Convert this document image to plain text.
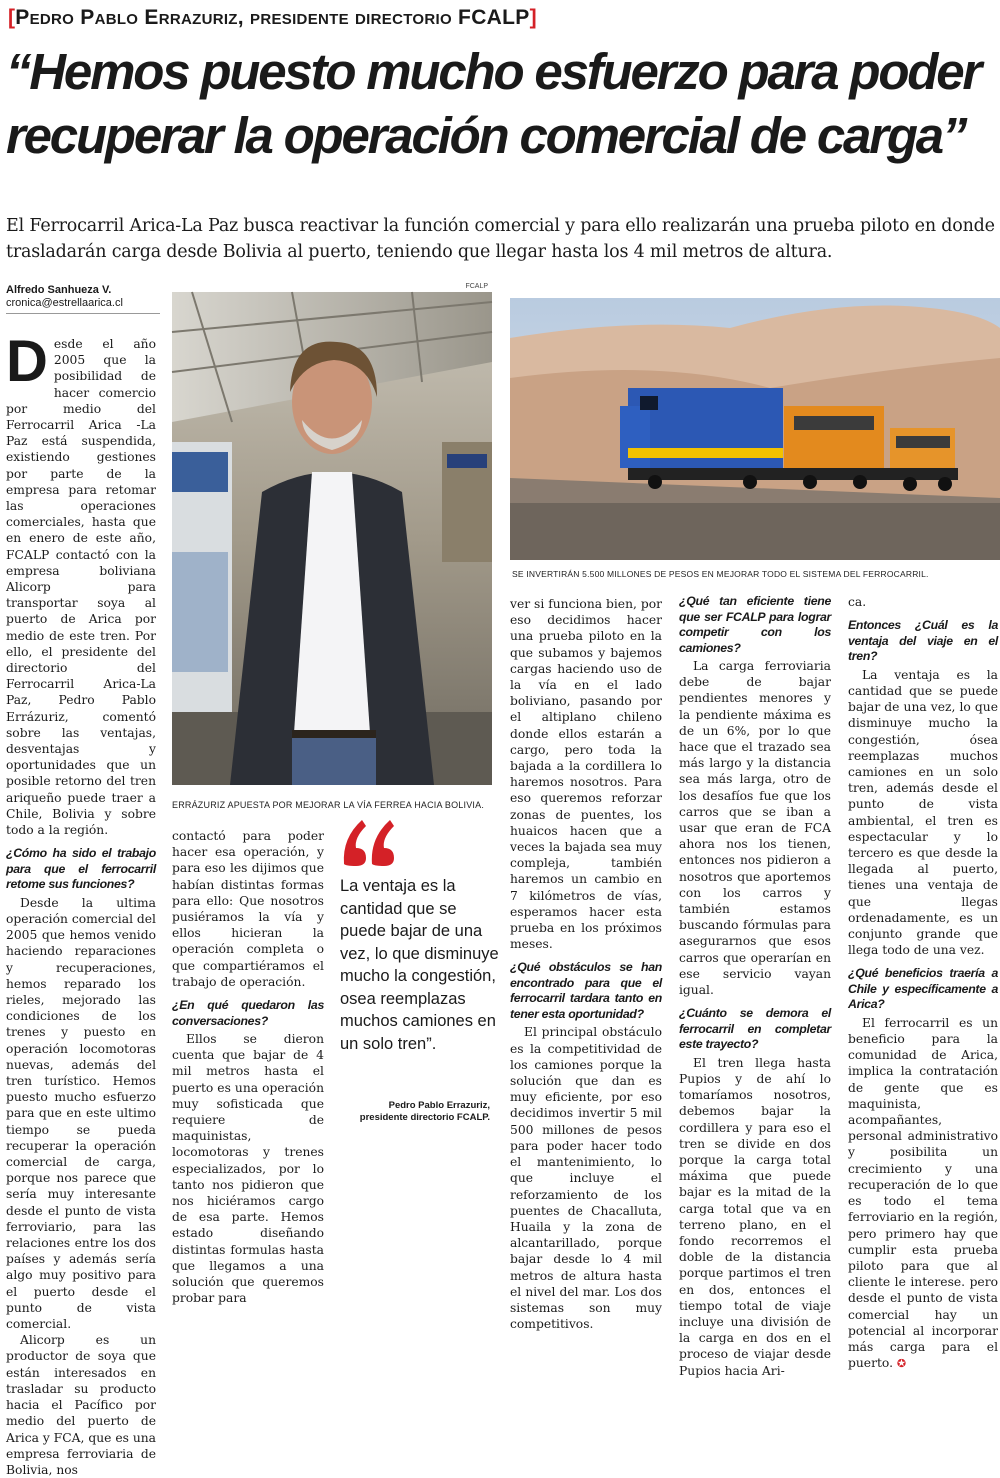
[Pedro Pablo Errazuriz, presidente directorio FCALP]
“Hemos puesto mucho esfuerzo para poder
recuperar la operación comercial de carga”

El Ferrocarril Arica-La Paz busca reactivar la función comercial y para ello realizarán una prueba piloto en donde trasladarán carga desde Bolivia al puerto, teniendo que llegar hasta los 4 mil metros de altura.

Alfredo Sanhueza V.
cronica@estrellaarica.cl

Desde el año 2005 que la posibilidad de hacer comercio por medio del Ferrocarril Arica -La Paz está suspendida, existiendo gestiones por parte de la empresa para retomar las operaciones comerciales, hasta que en enero de este año, FCALP contactó con la empresa boliviana Alicorp para transportar soya al puerto de Arica por medio de este tren. Por ello, el presidente del directorio del Ferrocarril Arica-La Paz, Pedro Pablo Errázuriz, comentó sobre las ventajas, desventajas y oportunidades que un posible retorno del tren ariqueño puede traer a Chile, Bolivia y sobre todo a la región.

¿Cómo ha sido el trabajo para que el ferrocarril retome sus funciones?

Desde la ultima operación comercial del 2005 que hemos venido haciendo reparaciones y recuperaciones, hemos reparado los rieles, mejorado las condiciones de los trenes y puesto en operación locomotoras nuevas, además del tren turístico. Hemos puesto mucho esfuerzo para que en este ultimo tiempo se pueda recuperar la operación comercial de carga, porque nos parece que sería muy interesante desde el punto de vista ferroviario, para las relaciones entre los dos países y además sería algo muy positivo para el puerto desde el punto de vista comercial.

Alicorp es un productor de soya que están interesados en trasladar su producto hacia el Pacífico por medio del puerto de Arica y FCA, que es una empresa ferroviaria de Bolivia, nos

FCALP
ERRÁZURIZ APUESTA POR MEJORAR LA VÍA FERREA HACIA BOLIVIA.
SE INVERTIRÁN 5.500 MILLONES DE PESOS EN MEJORAR TODO EL SISTEMA DEL FERROCARRIL.

contactó para poder hacer esa operación, y para eso les dijimos que habían distintas formas para ello: Que nosotros pusiéramos la vía y ellos hicieran la operación completa o que compartiéramos el trabajo de operación.

¿En qué quedaron las conversaciones?

Ellos se dieron cuenta que bajar de 4 mil metros hasta el puerto es una operación muy sofisticada que requiere de maquinistas, locomotoras y trenes especializados, por lo tanto nos pidieron que nos hiciéramos cargo de esa parte. Hemos estado diseñando distintas formulas hasta que llegamos a una solución que queremos probar para

La ventaja es la cantidad que se puede bajar de una vez, lo que disminuye mucho la congestión, osea reemplazas muchos camiones en un solo tren”.

Pedro Pablo Errazuriz,
presidente directorio FCALP.

ver si funciona bien, por eso decidimos hacer una prueba piloto en la que subamos y bajemos cargas haciendo uso de la vía en el lado boliviano, pasando por el altiplano chileno donde ellos estarán a cargo, pero toda la bajada a la cordillera lo haremos nosotros. Para eso queremos reforzar zonas de puentes, los huaicos hacen que a veces la bajada sea muy compleja, también haremos un cambio en 7 kilómetros de vías, esperamos hacer esta prueba en los próximos meses.

¿Qué obstáculos se han encontrado para que el ferrocarril tardara tanto en tener esta oportunidad?

El principal obstáculo es la competitividad de los camiones porque la solución que dan es muy eficiente, por eso decidimos invertir 5 mil 500 millones de pesos para poder hacer todo el mantenimiento, lo que incluye el reforzamiento de los puentes de Chacalluta, Huaila y la zona de alcantarillado, porque bajar desde lo 4 mil metros de altura hasta el nivel del mar. Los dos sistemas son muy competitivos.

¿Qué tan eficiente tiene que ser FCALP para lograr competir con los camiones?

La carga ferroviaria debe de bajar pendientes menores y la pendiente máxima es de un 6%, por lo que hace que el trazado sea más largo y la distancia sea más larga, otro de los desafíos fue que los carros que se iban a usar que eran de FCA ahora nos los tienen, entonces nos pidieron a nosotros que aportemos con los carros y también estamos buscando fórmulas para asegurarnos que esos carros que operarían en ese servicio vayan igual.

¿Cuánto se demora el ferrocarril en completar este trayecto?

El tren llega hasta Pupios y de ahí lo tomaríamos nosotros, debemos bajar la cordillera y para eso el tren se divide en dos porque la carga total máxima que puede bajar es la mitad de la carga total que va en terreno plano, en el fondo recorremos el doble de la distancia porque partimos el tren en dos, entonces el tiempo total de viaje incluye una división de la carga en dos en el proceso de viajar desde Pupios hacia Ari-

ca.

Entonces ¿Cuál es la ventaja del viaje en el tren?

La ventaja es la cantidad que se puede bajar de una vez, lo que disminuye mucho la congestión, ósea reemplazas muchos camiones en un solo tren, además desde el punto de vista ambiental, el tren es espectacular y lo tercero es que desde la llegada al puerto, tienes una ventaja de que llegas ordenadamente, es un conjunto grande que llega todo de una vez.

¿Qué beneficios traería a Chile y específicamente a Arica?

El ferrocarril es un beneficio para la comunidad de Arica, implica la contratación de gente que es maquinista, acompañantes, personal administrativo y posibilita un crecimiento y una recuperación de lo que es todo el tema ferroviario en la región, pero primero hay que cumplir esta prueba piloto para que al cliente le interese. pero desde el punto de vista comercial hay un potencial al incorporar más carga para el puerto. ✪
